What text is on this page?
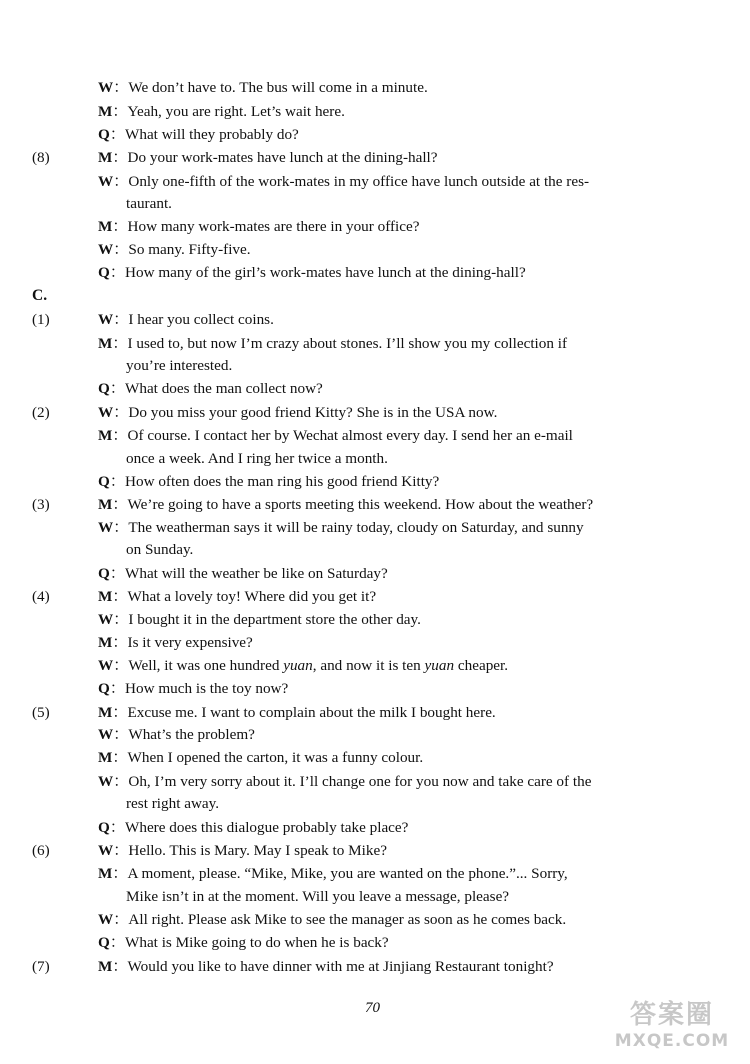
W：We don’t have to. The bus will come in a minute.
M：Yeah, you are right. Let’s wait here.
Q：What will they probably do?
(8)	M：Do your work-mates have lunch at the dining-hall?
W：Only one-fifth of the work-mates in my office have lunch outside at the res-
taurant.
M：How many work-mates are there in your office?
W：So many. Fifty-five.
Q：How many of the girl’s work-mates have lunch at the dining-hall?
C.
(1)	W：I hear you collect coins.
M：I used to, but now I’m crazy about stones. I’ll show you my collection if
you’re interested.
Q：What does the man collect now?
(2)	W：Do you miss your good friend Kitty? She is in the USA now.
M：Of course. I contact her by Wechat almost every day. I send her an e-mail
once a week. And I ring her twice a month.
Q：How often does the man ring his good friend Kitty?
(3)	M：We’re going to have a sports meeting this weekend. How about the weather?
W：The weatherman says it will be rainy today, cloudy on Saturday, and sunny
on Sunday.
Q：What will the weather be like on Saturday?
(4)	M：What a lovely toy! Where did you get it?
W：I bought it in the department store the other day.
M：Is it very expensive?
W：Well, it was one hundred yuan, and now it is ten yuan cheaper.
Q：How much is the toy now?
(5)	M：Excuse me. I want to complain about the milk I bought here.
W：What’s the problem?
M：When I opened the carton, it was a funny colour.
W：Oh, I’m very sorry about it. I’ll change one for you now and take care of the
rest right away.
Q：Where does this dialogue probably take place?
(6)	W：Hello. This is Mary. May I speak to Mike?
M：A moment, please. “Mike, Mike, you are wanted on the phone.”... Sorry,
Mike isn’t in at the moment. Will you leave a message, please?
W：All right. Please ask Mike to see the manager as soon as he comes back.
Q：What is Mike going to do when he is back?
(7)	M：Would you like to have dinner with me at Jinjiang Restaurant tonight?
70	答案圈
MXQE.COM
